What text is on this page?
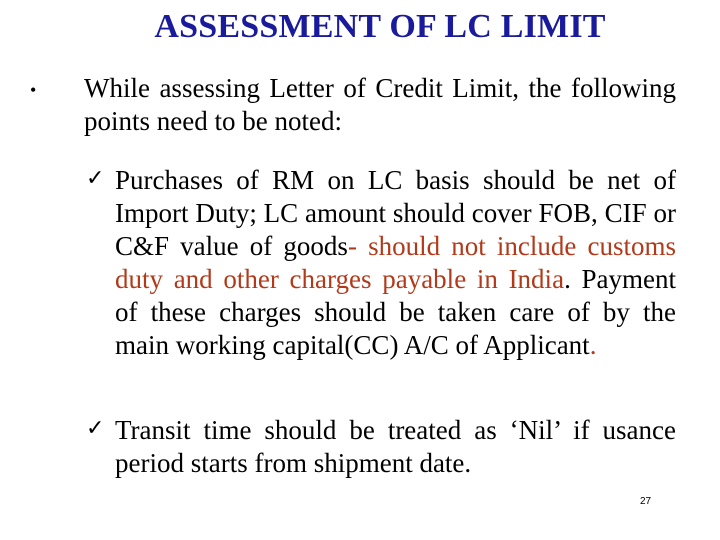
ASSESSMENT OF LC LIMIT
• While assessing Letter of Credit Limit, the following points need to be noted:
✓ Purchases of RM on LC basis should be net of Import Duty; LC amount should cover FOB, CIF or C&F value of goods- should not include customs duty and other charges payable in India. Payment of these charges should be taken care of by the main working capital(CC) A/C of Applicant.
✓ Transit time should be treated as ‘Nil’ if usance period starts from shipment date.
27
